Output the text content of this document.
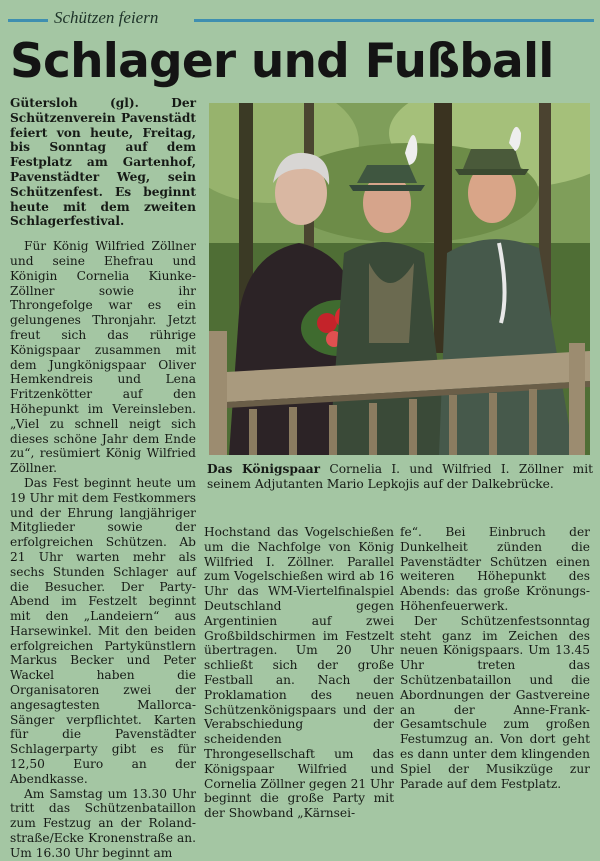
Schützen feiern
Schlager und Fußball

Gütersloh (gl). Der Schützenverein Pavenstädt feiert von heute, Freitag, bis Sonntag auf dem Festplatz am Gartenhof, Pavenstädter Weg, sein Schützenfest. Es beginnt heute mit dem zweiten Schlagerfestival.

Für König Wilfried Zöllner und seine Ehefrau und Königin Cornelia Kiunke-Zöllner sowie ihr Throngefolge war es ein gelungenes Thronjahr. Jetzt freut sich das rührige Königspaar zusammen mit dem Jungkönigspaar Oliver Hemkendreis und Lena Fritzenkötter auf den Höhepunkt im Vereinsleben. „Viel zu schnell neigt sich dieses schöne Jahr dem Ende zu“, resümiert König Wilfried Zöllner.

Das Fest beginnt heute um 19 Uhr mit dem Festkommers und der Ehrung langjähriger Mitglieder sowie der erfolgreichen Schützen. Ab 21 Uhr warten mehr als sechs Stunden Schlager auf die Besucher. Der Party-Abend im Festzelt beginnt mit den „Landeiern“ aus Harsewinkel. Mit den beiden erfolgreichen Partykünstlern Markus Becker und Peter Wackel haben die Organisatoren zwei der angesagtesten Mallorca-Sänger verpflichtet. Karten für die Pavenstädter Schlagerparty gibt es für 12,50 Euro an der Abendkasse.

Am Samstag um 13.30 Uhr tritt das Schützenbataillon zum Festzug an der Roland-straße/Ecke Kronenstraße an. Um 16.30 Uhr beginnt am

Das Königspaar Cornelia I. und Wilfried I. Zöllner mit seinem Adjutanten Mario Lepkojis auf der Dalkebrücke.

Hochstand das Vogelschießen um die Nachfolge von König Wilfried I. Zöllner. Parallel zum Vogelschießen wird ab 16 Uhr das WM-Viertelfinalspiel Deutschland gegen Argentinien auf zwei Großbildschirmen im Festzelt übertragen. Um 20 Uhr schließt sich der große Festball an. Nach der Proklamation des neuen Schützenkönigspaars und der Verabschiedung der scheidenden Throngesellschaft um das Königspaar Wilfried und Cornelia Zöllner gegen 21 Uhr beginnt die große Party mit der Showband „Kärnsei-

fe“. Bei Einbruch der Dunkelheit zünden die Pavenstädter Schützen einen weiteren Höhepunkt des Abends: das große Krönungs-Höhenfeuerwerk.

Der Schützenfestsonntag steht ganz im Zeichen des neuen Königspaars. Um 13.45 Uhr treten das Schützenbataillon und die Abordnungen der Gastvereine an der Anne-Frank-Gesamtschule zum großen Festumzug an. Von dort geht es dann unter dem klingenden Spiel der Musikzüge zur Parade auf dem Festplatz.
